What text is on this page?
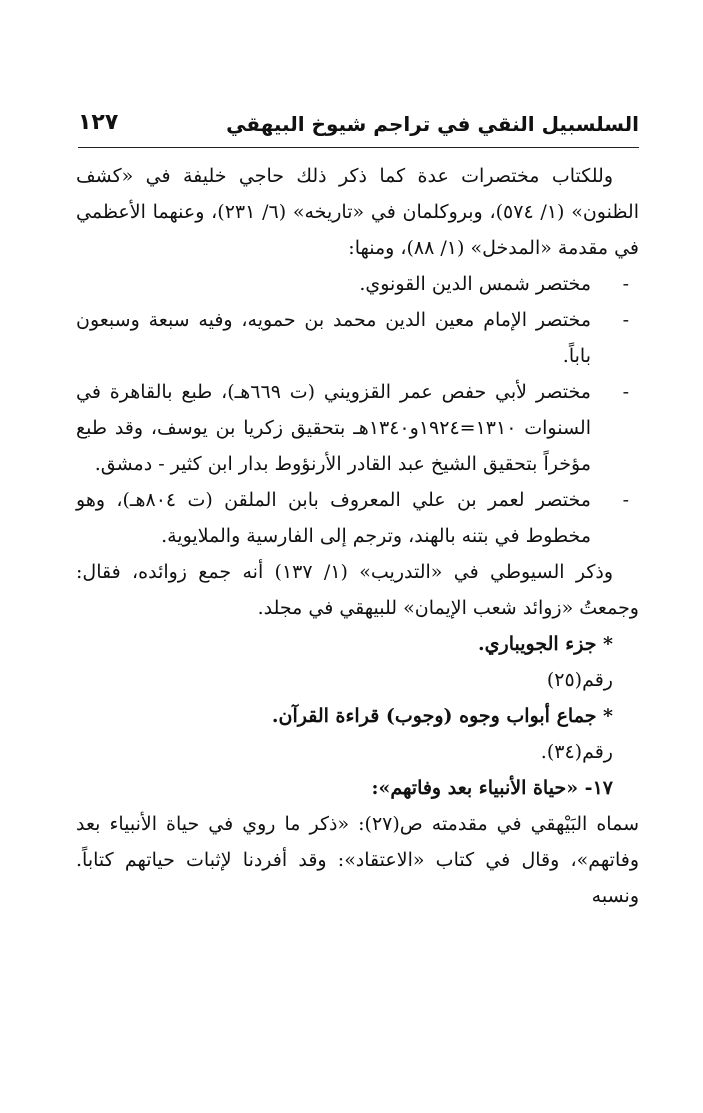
السلسبيل النقي في تراجم شيوخ البيهقي
١٢٧

وللكتاب مختصرات عدة كما ذكر ذلك حاجي خليفة في «كشف الظنون» (١/ ٥٧٤)، وبروكلمان في «تاريخه» (٦/ ٢٣١)، وعنهما الأعظمي في مقدمة «المدخل» (١/ ٨٨)، ومنها:

-
مختصر شمس الدين القونوي.
-
مختصر الإمام معين الدين محمد بن حمويه، وفيه سبعة وسبعون باباً.
-
مختصر لأبي حفص عمر القزويني (ت ٦٦٩هـ)، طبع بالقاهرة في السنوات ١٣١٠=١٩٢٤و١٣٤٠هـ بتحقيق زكريا بن يوسف، وقد طبع مؤخراً بتحقيق الشيخ عبد القادر الأرنؤوط بدار ابن كثير - دمشق.
-
مختصر لعمر بن علي المعروف بابن الملقن (ت ٨٠٤هـ)، وهو مخطوط في بتنه بالهند، وترجم إلى الفارسية والملايوية.

وذكر السيوطي في «التدريب» (١/ ١٣٧) أنه جمع زوائده، فقال: وجمعتُ «زوائد شعب الإيمان» للبيهقي في مجلد.

* جزء الجويباري.
رقم(٢٥)
* جماع أبواب وجوه (وجوب) قراءة القرآن.
رقم(٣٤).
١٧- «حياة الأنبياء بعد وفاتهم»:

سماه البَيْهقي في مقدمته ص(٢٧): «ذكر ما روي في حياة الأنبياء بعد وفاتهم»، وقال في كتاب «الاعتقاد»: وقد أفردنا لإثبات حياتهم كتاباً. ونسبه
